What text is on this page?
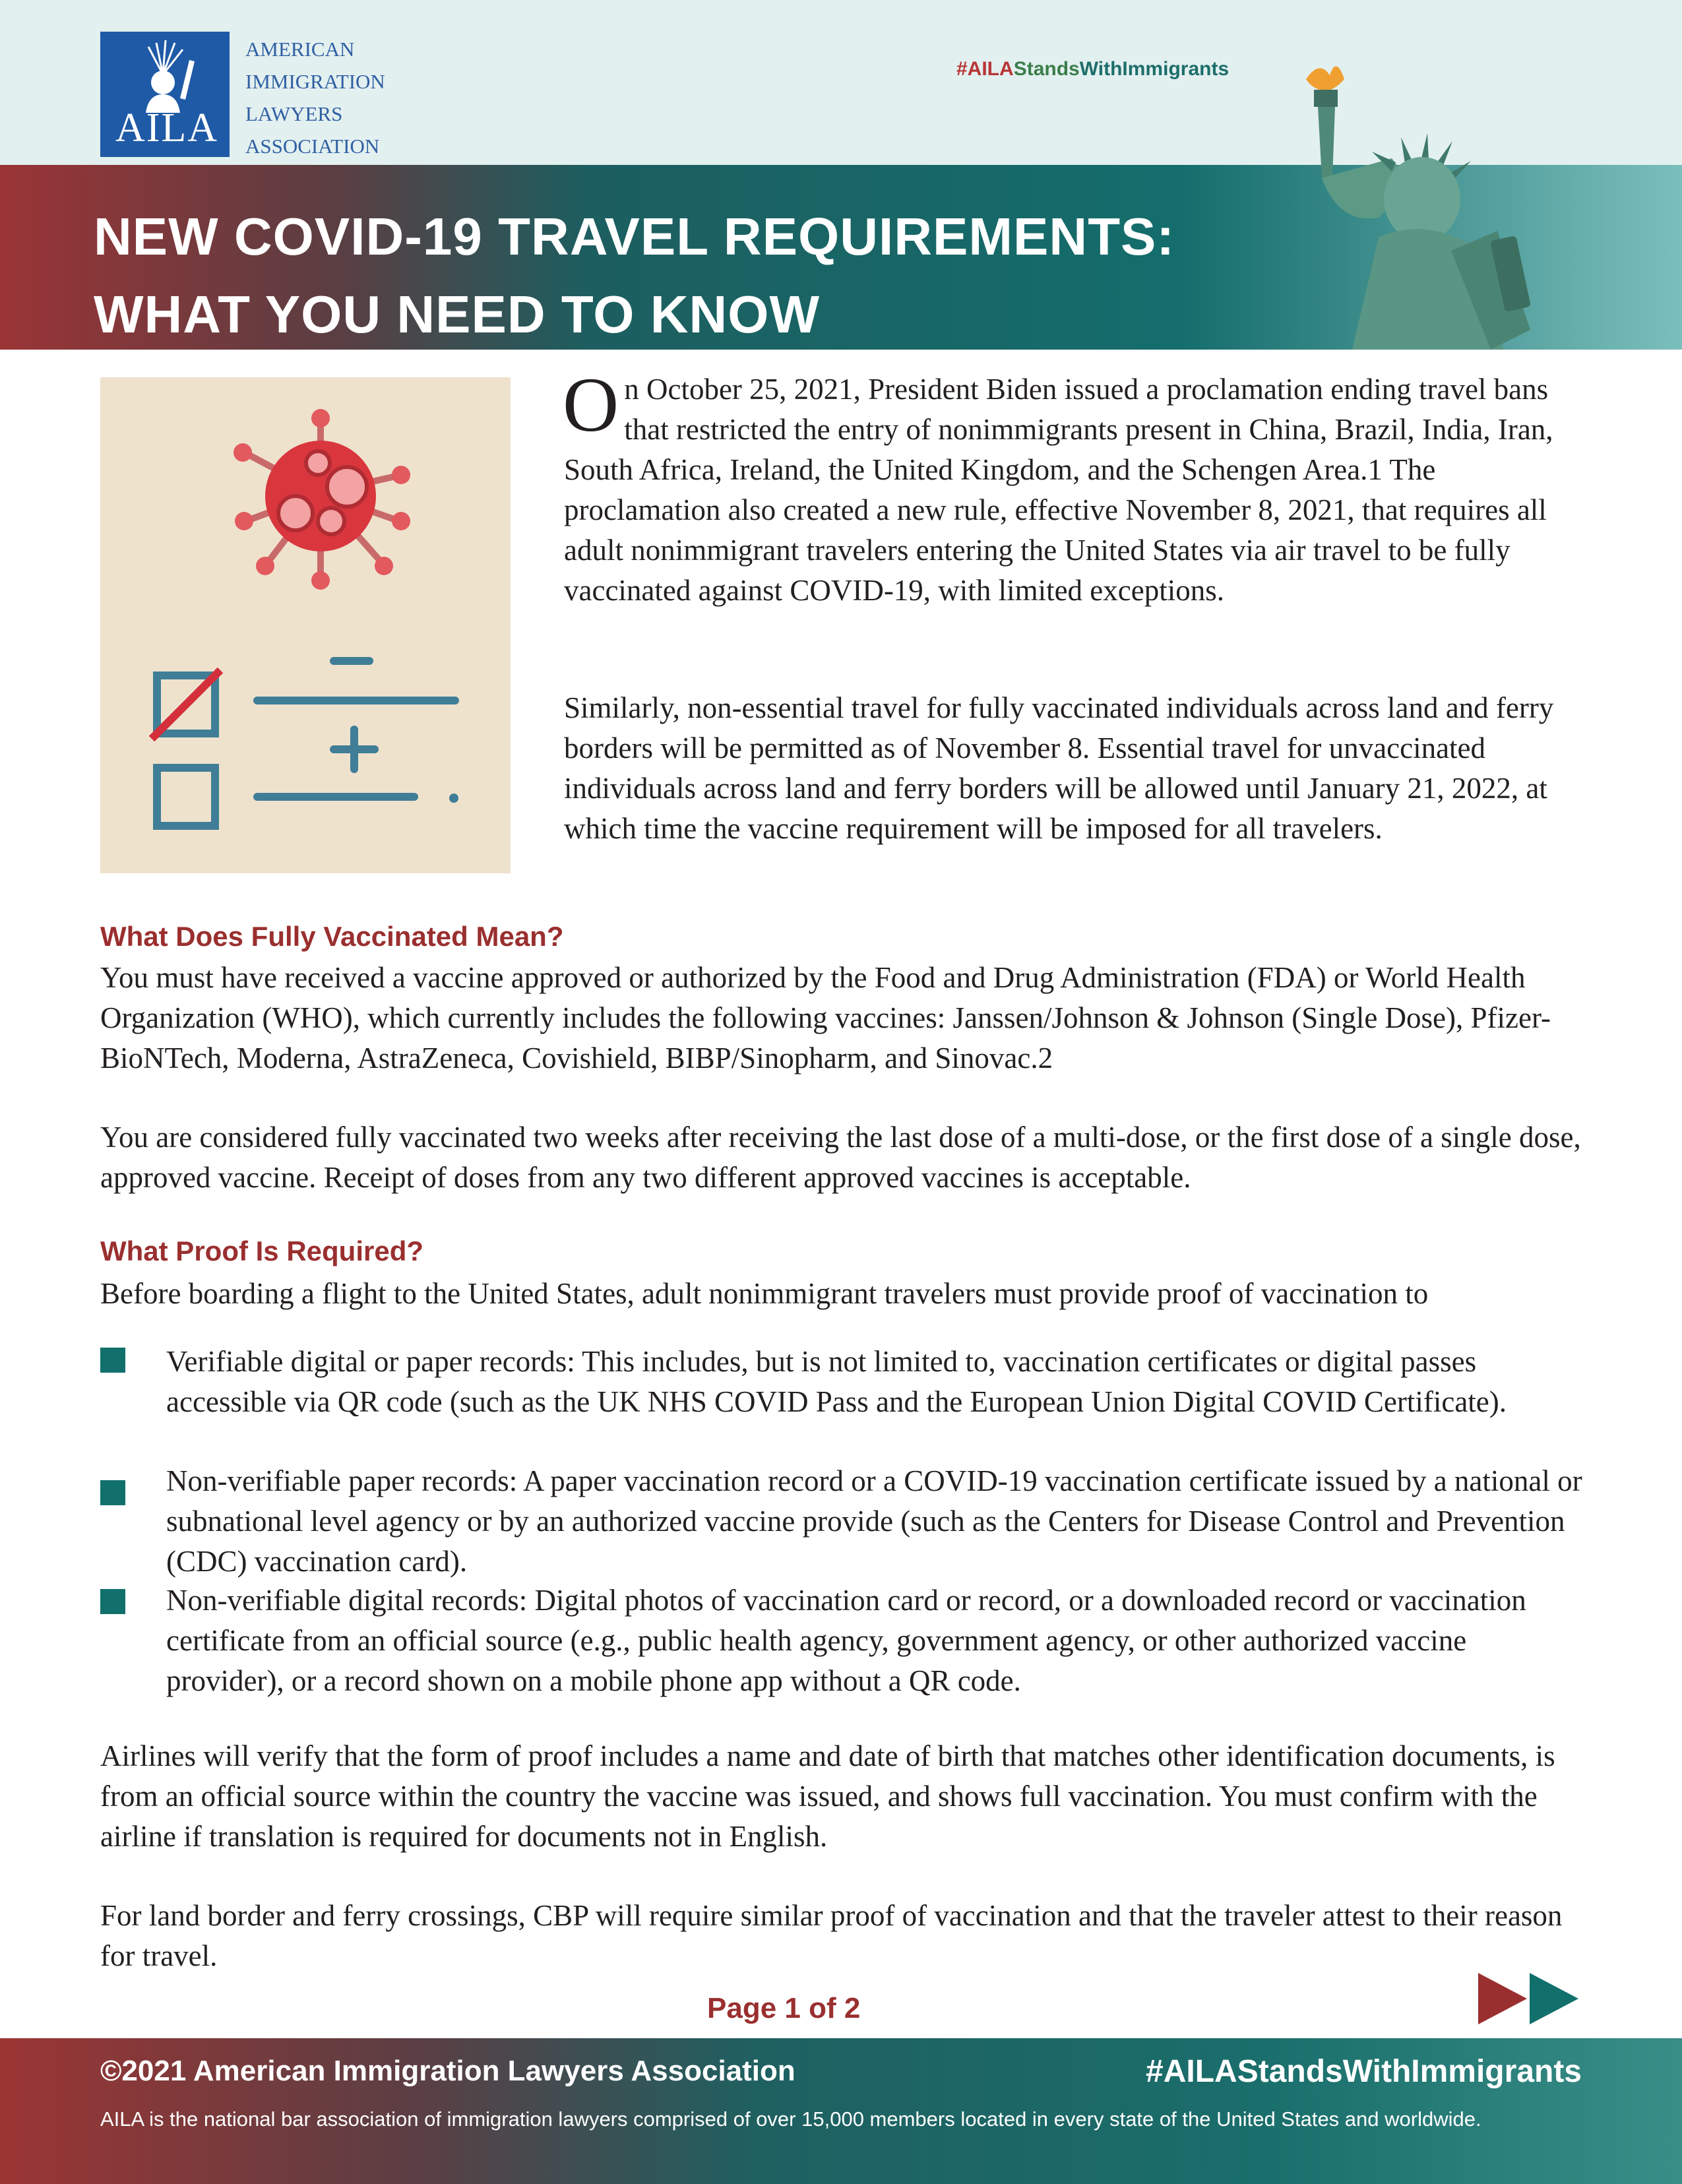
AILA
AMERICAN
IMMIGRATION
LAWYERS
ASSOCIATION
#AILAStandsWithImmigrants
NEW COVID-19 TRAVEL REQUIREMENTS:
WHAT YOU NEED TO KNOW
On October 25, 2021, President Biden issued a proclamation ending travel bans that restricted the entry of nonimmigrants present in China, Brazil, India, Iran, South Africa, Ireland, the United Kingdom, and the Schengen Area.1 The proclamation also created a new rule, effective November 8, 2021, that requires all adult nonimmigrant travelers entering the United States via air travel to be fully vaccinated against COVID-19, with limited exceptions.
Similarly, non-essential travel for fully vaccinated individuals across land and ferry borders will be permitted as of November 8. Essential travel for unvaccinated individuals across land and ferry borders will be allowed until January 21, 2022, at which time the vaccine requirement will be imposed for all travelers.
What Does Fully Vaccinated Mean?
You must have received a vaccine approved or authorized by the Food and Drug Administration (FDA) or World Health Organization (WHO), which currently includes the following vaccines: Janssen/Johnson & Johnson (Single Dose), Pfizer-BioNTech, Moderna, AstraZeneca, Covishield, BIBP/Sinopharm, and Sinovac.2
You are considered fully vaccinated two weeks after receiving the last dose of a multi-dose, or the first dose of a single dose, approved vaccine. Receipt of doses from any two different approved vaccines is acceptable.
What Proof Is Required?
Before boarding a flight to the United States, adult nonimmigrant travelers must provide proof of vaccination to
Verifiable digital or paper records: This includes, but is not limited to, vaccination certificates or digital passes accessible via QR code (such as the UK NHS COVID Pass and the European Union Digital COVID Certificate).
Non-verifiable paper records: A paper vaccination record or a COVID-19 vaccination certificate issued by a national or subnational level agency or by an authorized vaccine provide (such as the Centers for Disease Control and Prevention (CDC) vaccination card).
Non-verifiable digital records: Digital photos of vaccination card or record, or a downloaded record or vaccination certificate from an official source (e.g., public health agency, government agency, or other authorized vaccine provider), or a record shown on a mobile phone app without a QR code.
Airlines will verify that the form of proof includes a name and date of birth that matches other identification documents, is from an official source within the country the vaccine was issued, and shows full vaccination. You must confirm with the airline if translation is required for documents not in English.
For land border and ferry crossings, CBP will require similar proof of vaccination and that the traveler attest to their reason for travel.
Page 1 of 2
©2021 American Immigration Lawyers Association	#AILAStandsWithImmigrants
AILA is the national bar association of immigration lawyers comprised of over 15,000 members located in every state of the United States and worldwide.
